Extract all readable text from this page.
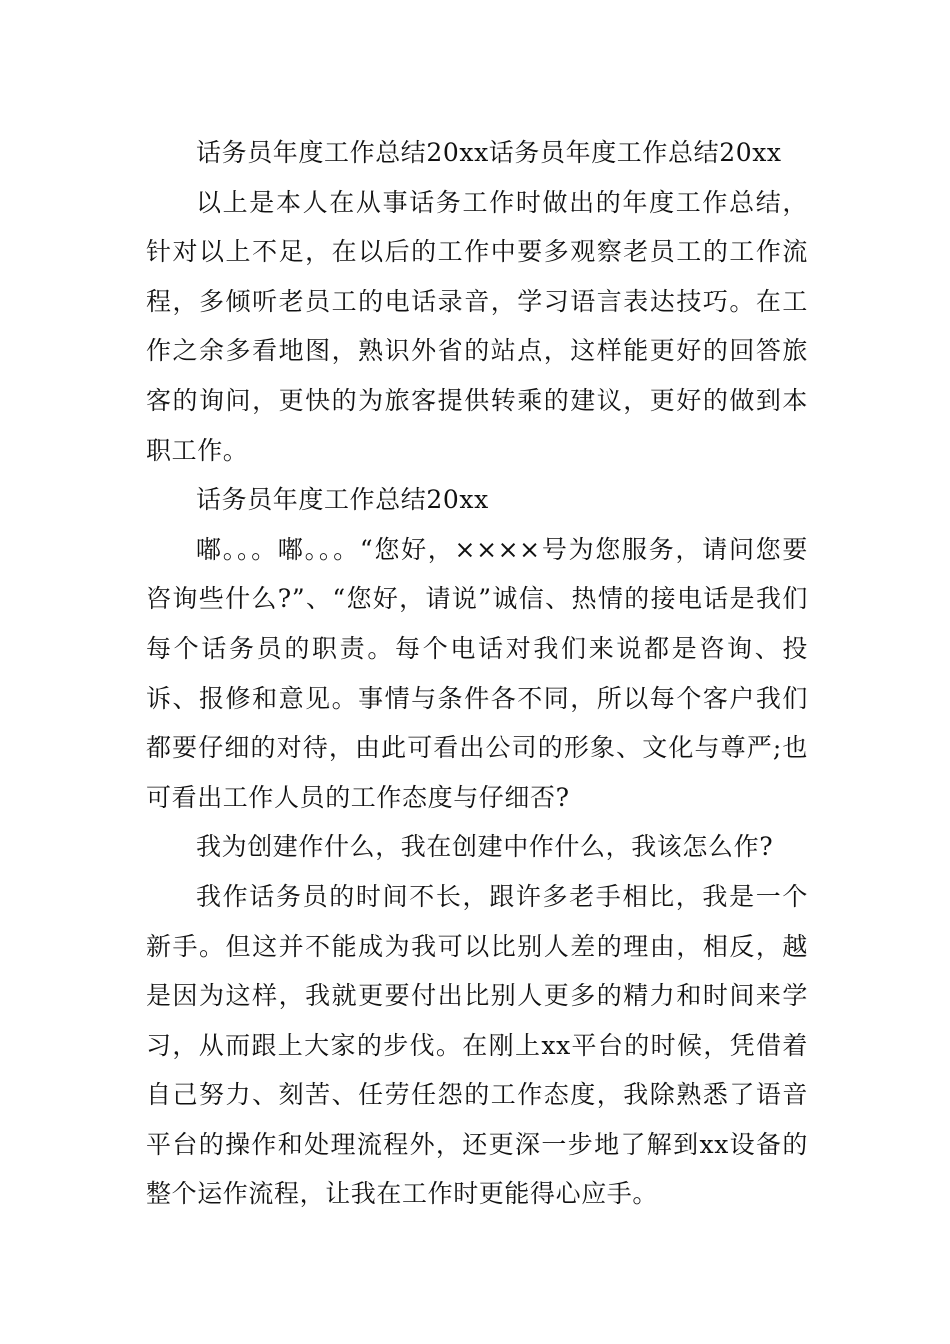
话务员年度工作总结20xx话务员年度工作总结20xx

以上是本人在从事话务工作时做出的年度工作总结，针对以上不足，在以后的工作中要多观察老员工的工作流程，多倾听老员工的电话录音，学习语言表达技巧。在工作之余多看地图，熟识外省的站点，这样能更好的回答旅客的询问，更快的为旅客提供转乘的建议，更好的做到本职工作。

话务员年度工作总结20xx

嘟。。。嘟。。。“您好，××××号为您服务，请问您要咨询些什么?”、“您好，请说”诚信、热情的接电话是我们每个话务员的职责。每个电话对我们来说都是咨询、投诉、报修和意见。事情与条件各不同，所以每个客户我们都要仔细的对待，由此可看出公司的形象、文化与尊严;也可看出工作人员的工作态度与仔细否?

我为创建作什么，我在创建中作什么，我该怎么作?

我作话务员的时间不长，跟许多老手相比，我是一个新手。但这并不能成为我可以比别人差的理由，相反，越是因为这样，我就更要付出比别人更多的精力和时间来学习，从而跟上大家的步伐。在刚上xx平台的时候，凭借着自己努力、刻苦、任劳任怨的工作态度，我除熟悉了语音平台的操作和处理流程外，还更深一步地了解到xx设备的整个运作流程，让我在工作时更能得心应手。
